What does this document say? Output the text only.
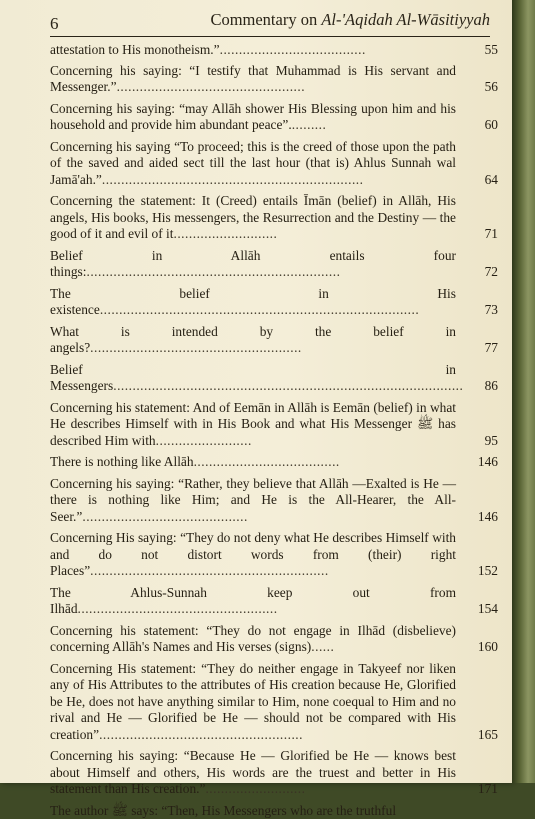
6	Commentary on Al-'Aqidah Al-Wāsitiyyah
attestation to His monotheism.”......................................	55
Concerning his saying: “I testify that Muhammad is His servant and Messenger.”.................................................	56
Concerning his saying: “may Allāh shower His Blessing upon him and his household and provide him abundant peace”..........	60
Concerning his saying “To proceed; this is the creed of those upon the path of the saved and aided sect till the last hour (that is) Ahlus Sunnah wal Jamā'ah.”....................................................................	64
Concerning the statement: It (Creed) entails Īmān (belief) in Allāh, His angels, His books, His messengers, the Resurrection and the Destiny — the good of it and evil of it...........................	71
Belief in Allāh entails four things:..................................................................	72
The belief in His existence...................................................................................	73
What is intended by the belief in angels?.......................................................	77
Belief in Messengers...........................................................................................	86
Concerning his statement: And of Eemān in Allāh is Eemān (belief) in what He describes Himself with in His Book and what His Messenger ﷺ has described Him with.........................	95
There is nothing like Allāh......................................	146
Concerning his saying: “Rather, they believe that Allāh —Exalted is He — there is nothing like Him; and He is the All-Hearer, the All-Seer.”...........................................	146
Concerning His saying: “They do not deny what He describes Himself with and do not distort words from (their) right Places”..............................................................	152
The Ahlus-Sunnah keep out from Ilhād....................................................	154
Concerning his statement: “They do not engage in Ilhād (disbelieve) concerning Allāh's Names and His verses (signs)......	160
Concerning His statement: “They do neither engage in Takyeef nor liken any of His Attributes to the attributes of His creation because He, Glorified be He, does not have anything similar to Him, none coequal to Him and no rival and He — Glorified be He — should not be compared with His creation”.....................................................	165
Concerning his saying: “Because He — Glorified be He — knows best about Himself and others, His words are the truest and better in His statement than His creation.”..........................	171
The author ﷺ says: “Then, His Messengers who are the truthful
